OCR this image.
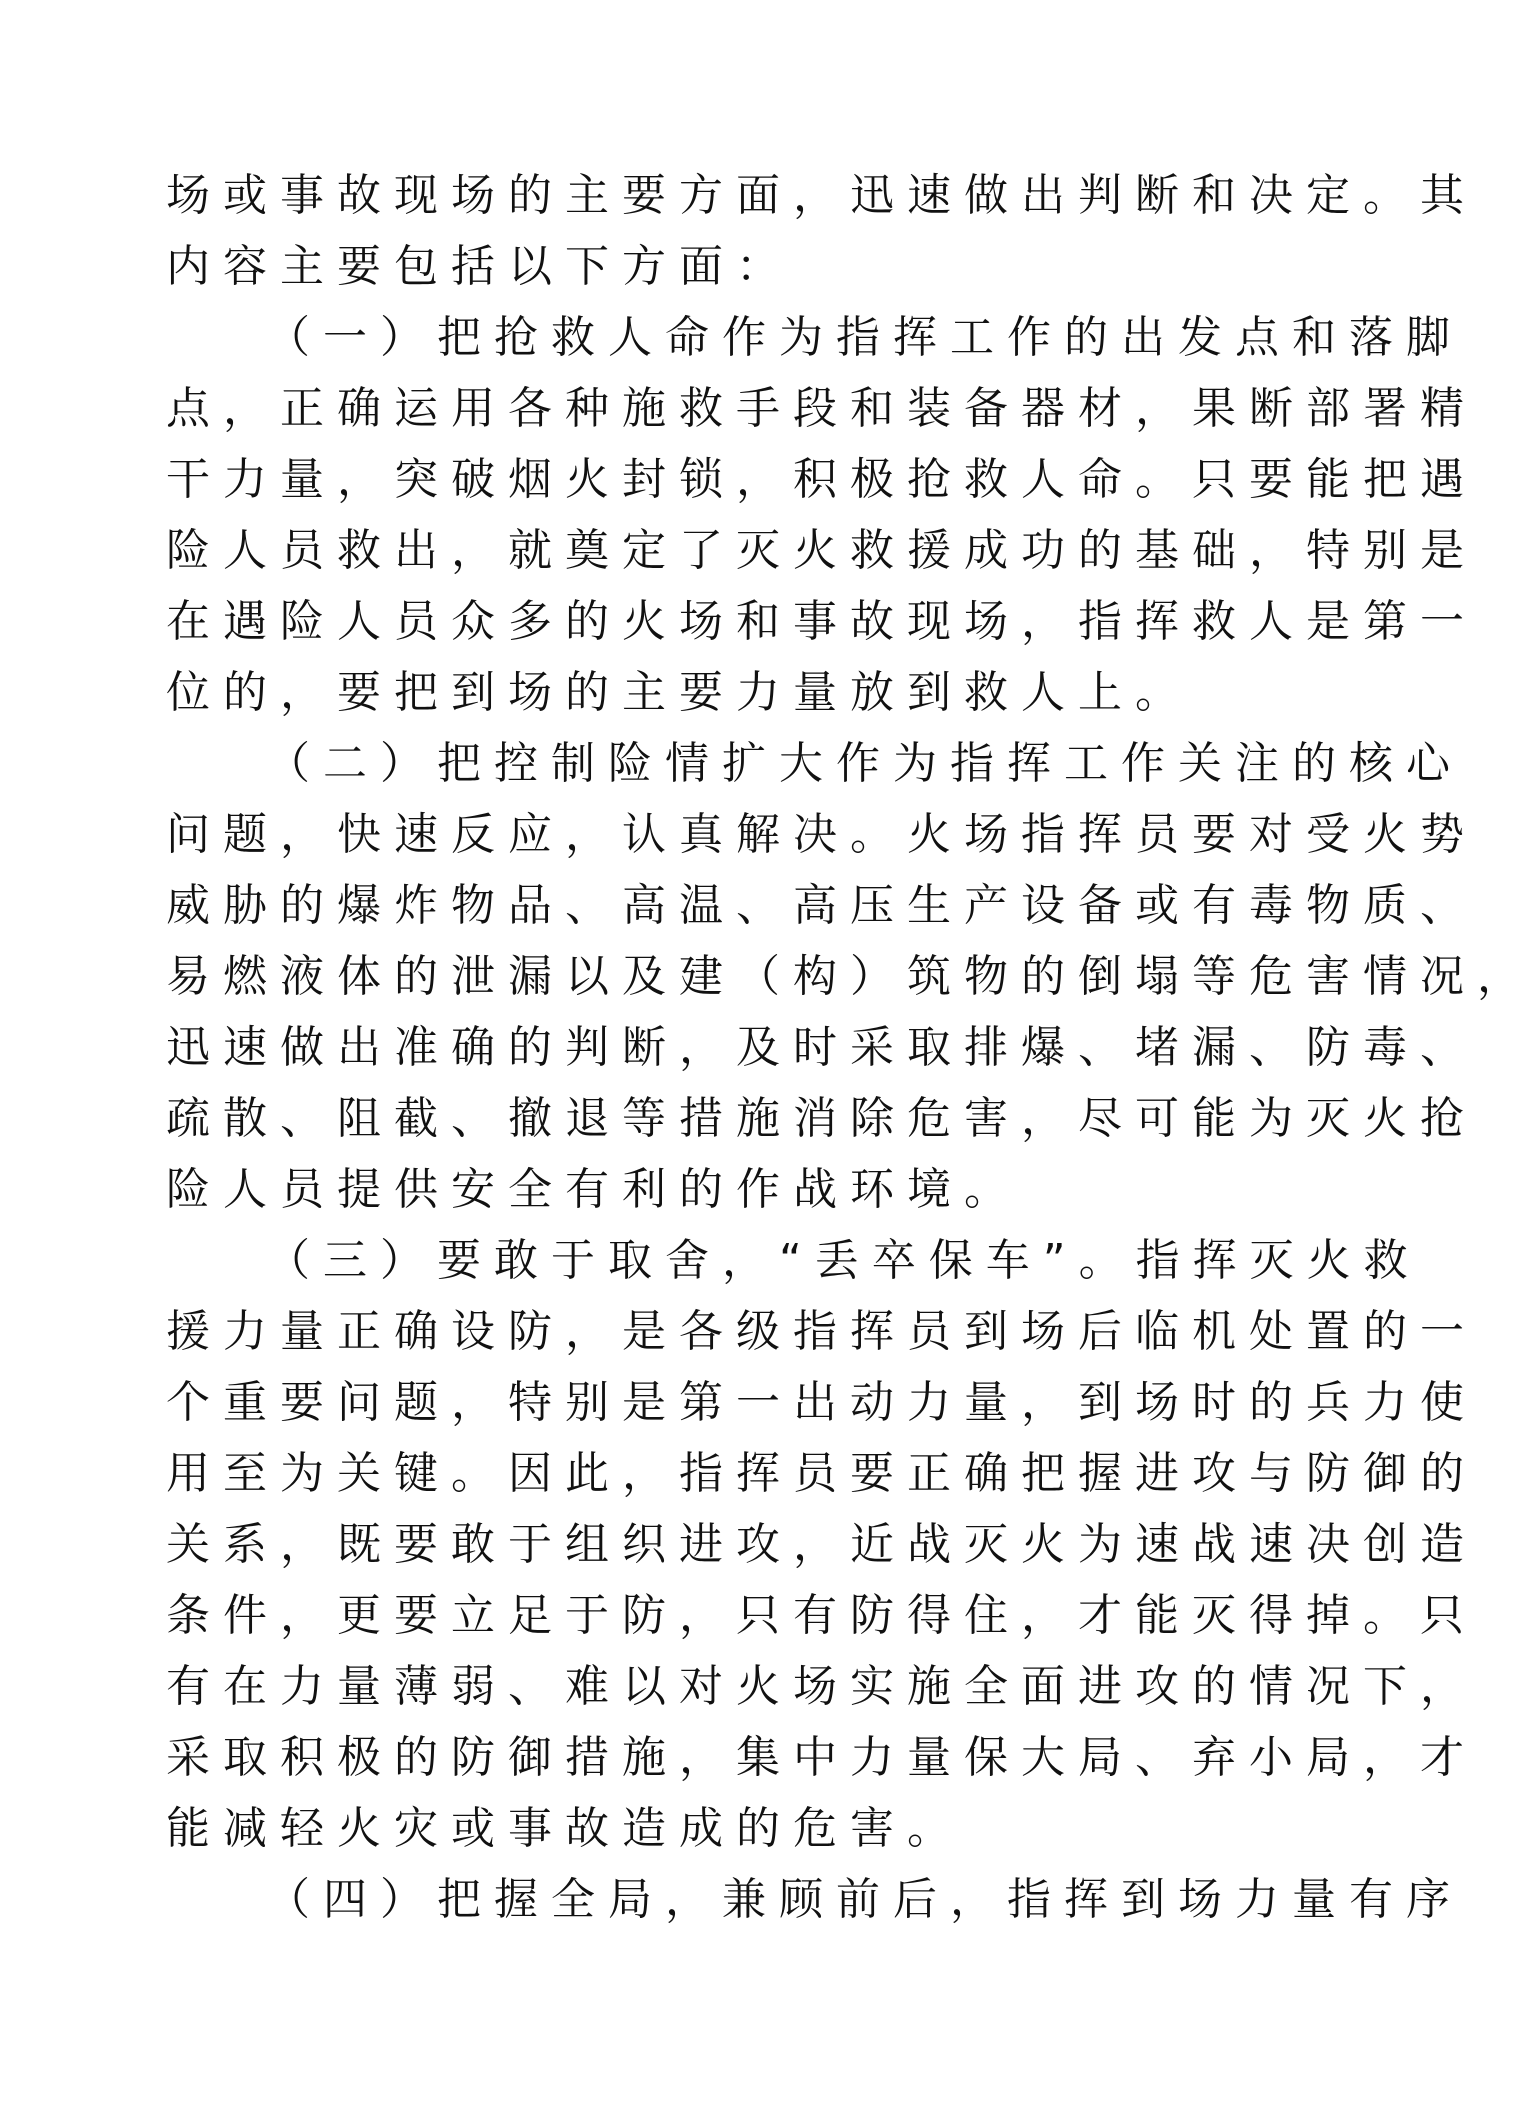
场或事故现场的主要方面，迅速做出判断和决定。其
内容主要包括以下方面：
（一）把抢救人命作为指挥工作的出发点和落脚
点，正确运用各种施救手段和装备器材，果断部署精
干力量，突破烟火封锁，积极抢救人命。只要能把遇
险人员救出，就奠定了灭火救援成功的基础，特别是
在遇险人员众多的火场和事故现场，指挥救人是第一
位的，要把到场的主要力量放到救人上。
（二）把控制险情扩大作为指挥工作关注的核心
问题，快速反应，认真解决。火场指挥员要对受火势
威胁的爆炸物品、高温、高压生产设备或有毒物质、
易燃液体的泄漏以及建（构）筑物的倒塌等危害情况，
迅速做出准确的判断，及时采取排爆、堵漏、防毒、
疏散、阻截、撤退等措施消除危害，尽可能为灭火抢
险人员提供安全有利的作战环境。
（三）要敢于取舍，“丢卒保车”。指挥灭火救
援力量正确设防，是各级指挥员到场后临机处置的一
个重要问题，特别是第一出动力量，到场时的兵力使
用至为关键。因此，指挥员要正确把握进攻与防御的
关系，既要敢于组织进攻，近战灭火为速战速决创造
条件，更要立足于防，只有防得住，才能灭得掉。只
有在力量薄弱、难以对火场实施全面进攻的情况下，
采取积极的防御措施，集中力量保大局、弃小局，才
能减轻火灾或事故造成的危害。
（四）把握全局，兼顾前后，指挥到场力量有序
